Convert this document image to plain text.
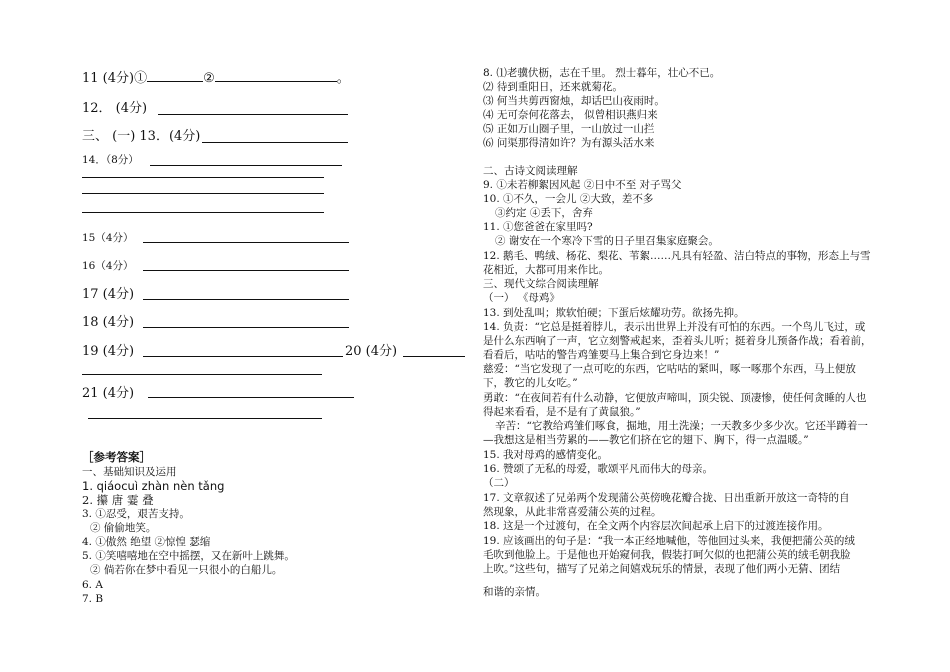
11 (4分)①	②	。
12． (4分)
三、 (一) 13．(4分)
14．（8分）
15（4分）
16（4分）
17 (4分)
18 (4分)
19 (4分)	20 (4分)
21 (4分)
［参考答案］
一、基础知识及运用
1. qiáocuì zhàn nèn tǎng
2. 攥 唐 霎 叠
3. ①忍受，艰苦支持。
② 偷偷地笑。
4. ①傲然 绝望 ②惊惶 瑟缩
5. ①笑嘻嘻地在空中摇摆，又在新叶上跳舞。
② 倘若你在梦中看见一只很小的白船儿。
6. A
7. B
8. ⑴老骥伏枥，志在千里。 烈士暮年，壮心不已。
⑵ 待到重阳日，还来就菊花。
⑶ 何当共剪西窗烛，却话巴山夜雨时。
⑷ 无可奈何花落去， 似曾相识燕归来
⑸ 正如万山圈子里，一山放过一山拦
⑹ 问渠那得清如许？为有源头活水来
二、古诗文阅读理解
9. ①未若柳絮因风起 ②日中不至 对子骂父
10. ①不久，一会儿 ②大致，差不多
③约定 ④丢下，舍弃
11. ①您爸爸在家里吗?
② 谢安在一个寒冷下雪的日子里召集家庭聚会。
12. 鹅毛、鸭绒、杨花、梨花、苇絮……凡具有轻盈、洁白特点的事物，形态上与雪
花相近，大都可用来作比。
三、现代文综合阅读理解
（一） 《母鸡》
13. 到处乱叫；欺软怕硬；下蛋后炫耀功劳。欲扬先抑。
14. 负责：“它总是挺着脖儿，表示出世界上并没有可怕的东西。一个鸟儿飞过，或
是什么东西响了一声，它立刻警戒起来，歪着头儿听；挺着身儿预备作战；看着前，
看看后，咕咕的警告鸡雏要马上集合到它身边来！”
慈爱：“当它发现了一点可吃的东西，它咕咕的紧叫，啄一啄那个东西，马上便放
下，教它的儿女吃。”
勇敢：“在夜间若有什么动静，它便放声啼叫，顶尖锐、顶凄惨，使任何贪睡的人也
得起来看看，是不是有了黄鼠狼。”
辛苦：“它教给鸡雏们啄食，掘地，用土洗澡；一天教多少多少次。它还半蹲着一
—我想这是相当劳累的——教它们挤在它的翅下、胸下，得一点温暖。”
15. 我对母鸡的感情变化。
16. 赞颂了无私的母爱，歌颂平凡而伟大的母亲。
（二）
17. 文章叙述了兄弟两个发现蒲公英傍晚花瓣合拢、日出重新开放这一奇特的自
然现象，从此非常喜爱蒲公英的过程。
18. 这是一个过渡句，在全文两个内容层次间起承上启下的过渡连接作用。
19. 应该画出的句子是：“我一本正经地喊他，等他回过头来，我便把蒲公英的绒
毛吹到他脸上。于是他也开始窥伺我，假装打呵欠似的也把蒲公英的绒毛朝我脸
上吹。”这些句，描写了兄弟之间嬉戏玩乐的情景，表现了他们两小无猜、团结
和谐的亲情。
